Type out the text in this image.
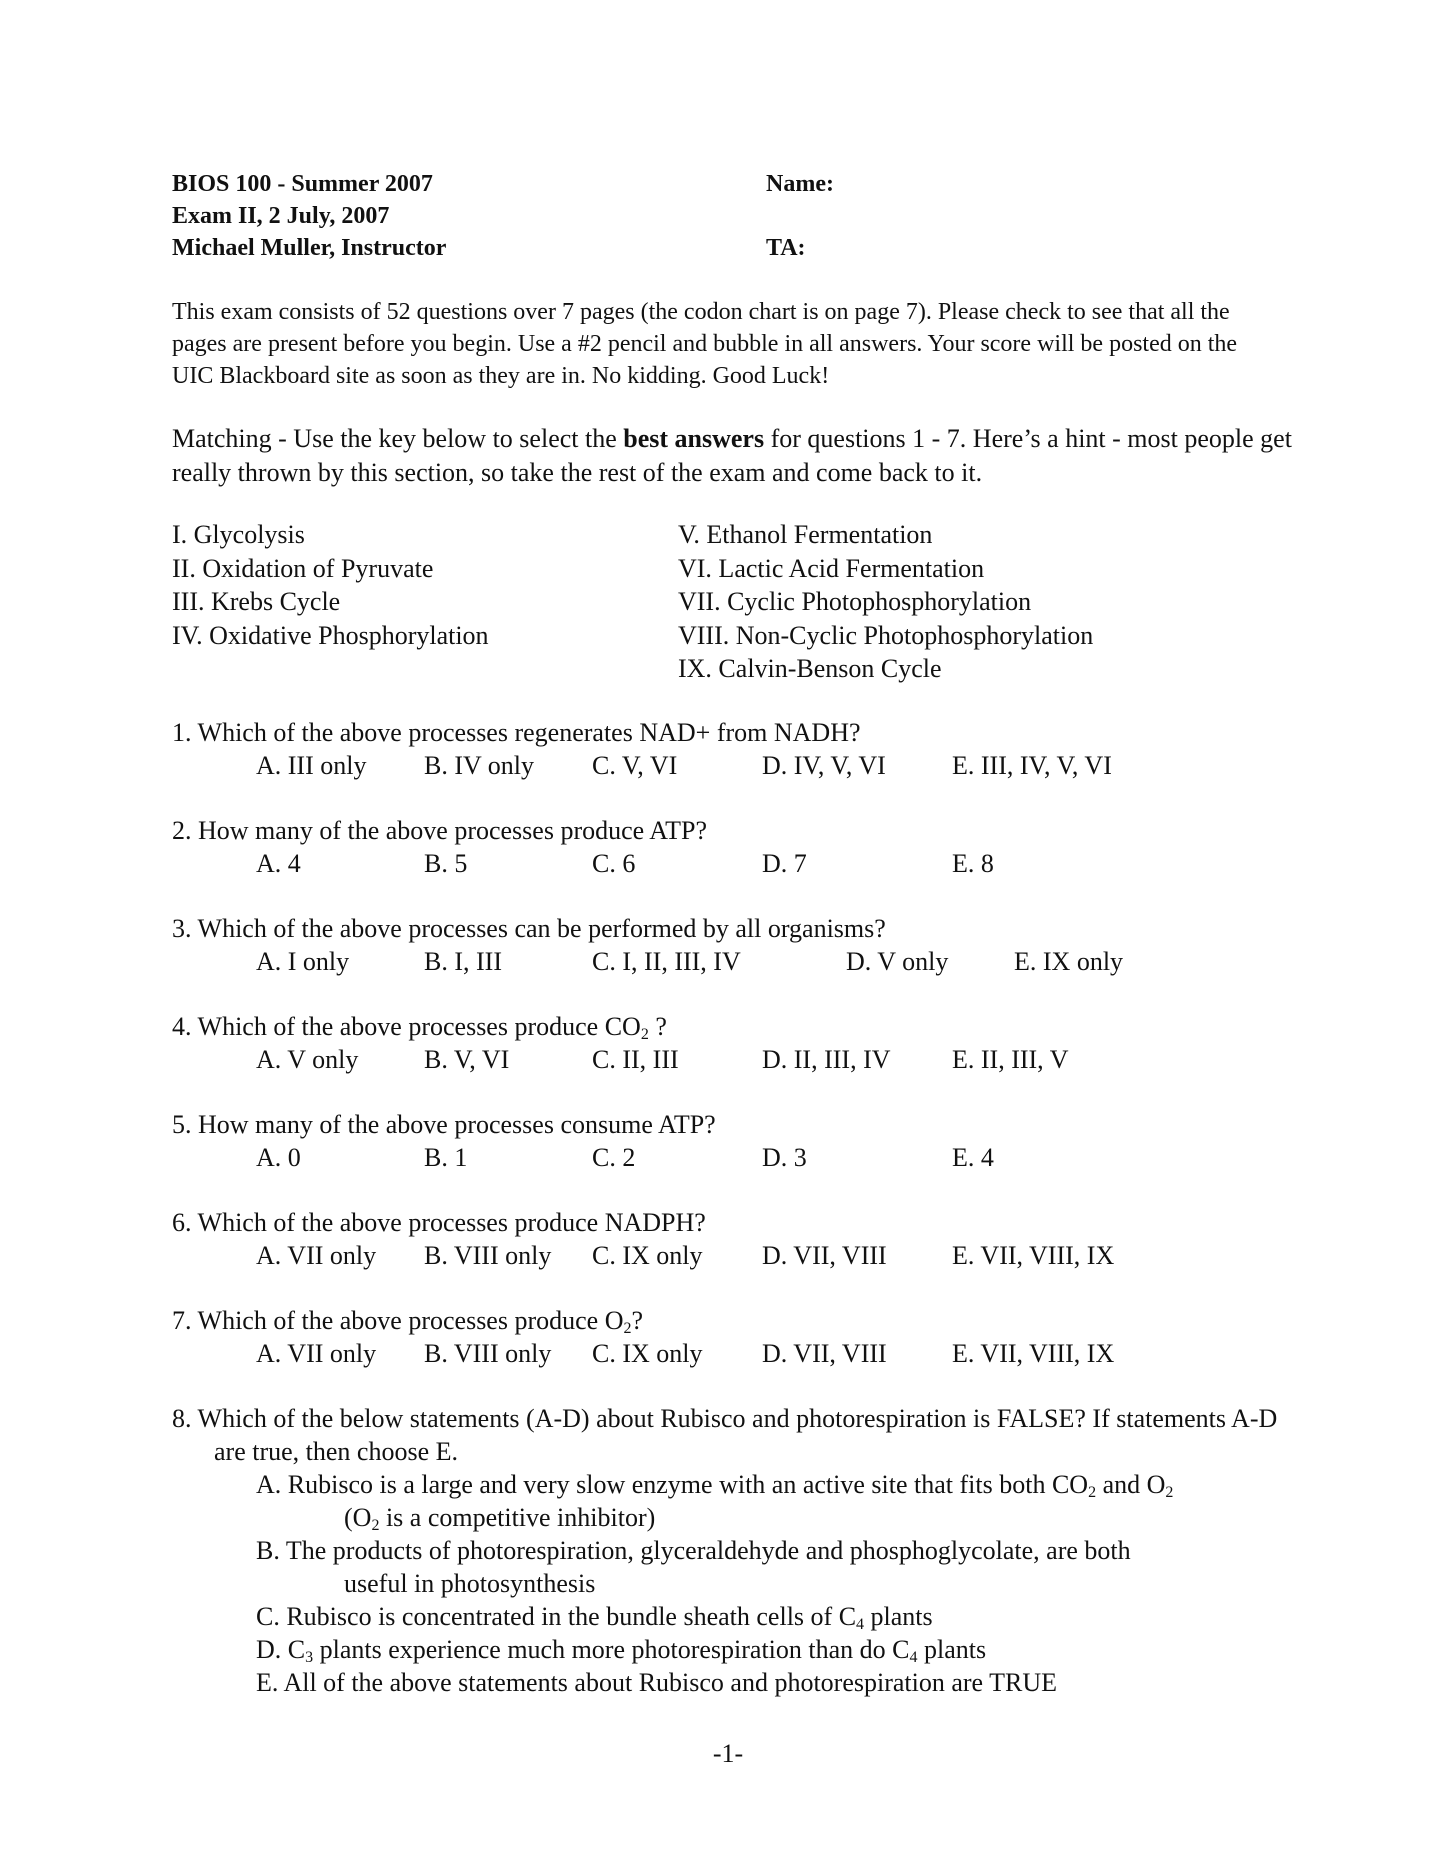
BIOS 100 - Summer 2007
Exam II, 2 July, 2007
Michael Muller, Instructor
Name:
TA:
This exam consists of 52 questions over 7 pages (the codon chart is on page 7). Please check to see that all the pages are present before you begin. Use a #2 pencil and bubble in all answers. Your score will be posted on the UIC Blackboard site as soon as they are in. No kidding. Good Luck!
Matching - Use the key below to select the best answers for questions 1 - 7. Here’s a hint - most people get really thrown by this section, so take the rest of the exam and come back to it.
I. Glycolysis
II. Oxidation of Pyruvate
III. Krebs Cycle
IV. Oxidative Phosphorylation
V. Ethanol Fermentation
VI. Lactic Acid Fermentation
VII. Cyclic Photophosphorylation
VIII. Non-Cyclic Photophosphorylation
IX. Calvin-Benson Cycle
1. Which of the above processes regenerates NAD+ from NADH?
A. III only B. IV only C. V, VI	D. IV, V, VI	E. III, IV, V, VI
2. How many of the above processes produce ATP?
A. 4	B. 5	C. 6	D. 7	E. 8
3. Which of the above processes can be performed by all organisms?
A. I only	B. I, III	C. I, II, III, IV	D. V only	E. IX only
4. Which of the above processes produce $CO_2$ ?
A. V only	B. V, VI	C. II, III	D. II, III, IV E. II, III, V
5. How many of the above processes consume ATP?
A. 0	B. 1	C. 2	D. 3	E. 4
6. Which of the above processes produce NADPH?
A. VII only B. VIII only C. IX only D. VII, VIII	E. VII, VIII, IX
7. Which of the above processes produce $O_2$?
A. VII only B. VIII only C. IX only D. VII, VIII	E. VII, VIII, IX
8. Which of the below statements (A-D) about Rubisco and photorespiration is FALSE? If statements A-D are true, then choose E.
A. Rubisco is a large and very slow enzyme with an active site that fits both $CO_2$ and $O_2$
($O_2$ is a competitive inhibitor)
B. The products of photorespiration, glyceraldehyde and phosphoglycolate, are both
useful in photosynthesis
C. Rubisco is concentrated in the bundle sheath cells of $C_4$ plants
D. $C_3$ plants experience much more photorespiration than do $C_4$ plants
E. All of the above statements about Rubisco and photorespiration are TRUE
-1-
